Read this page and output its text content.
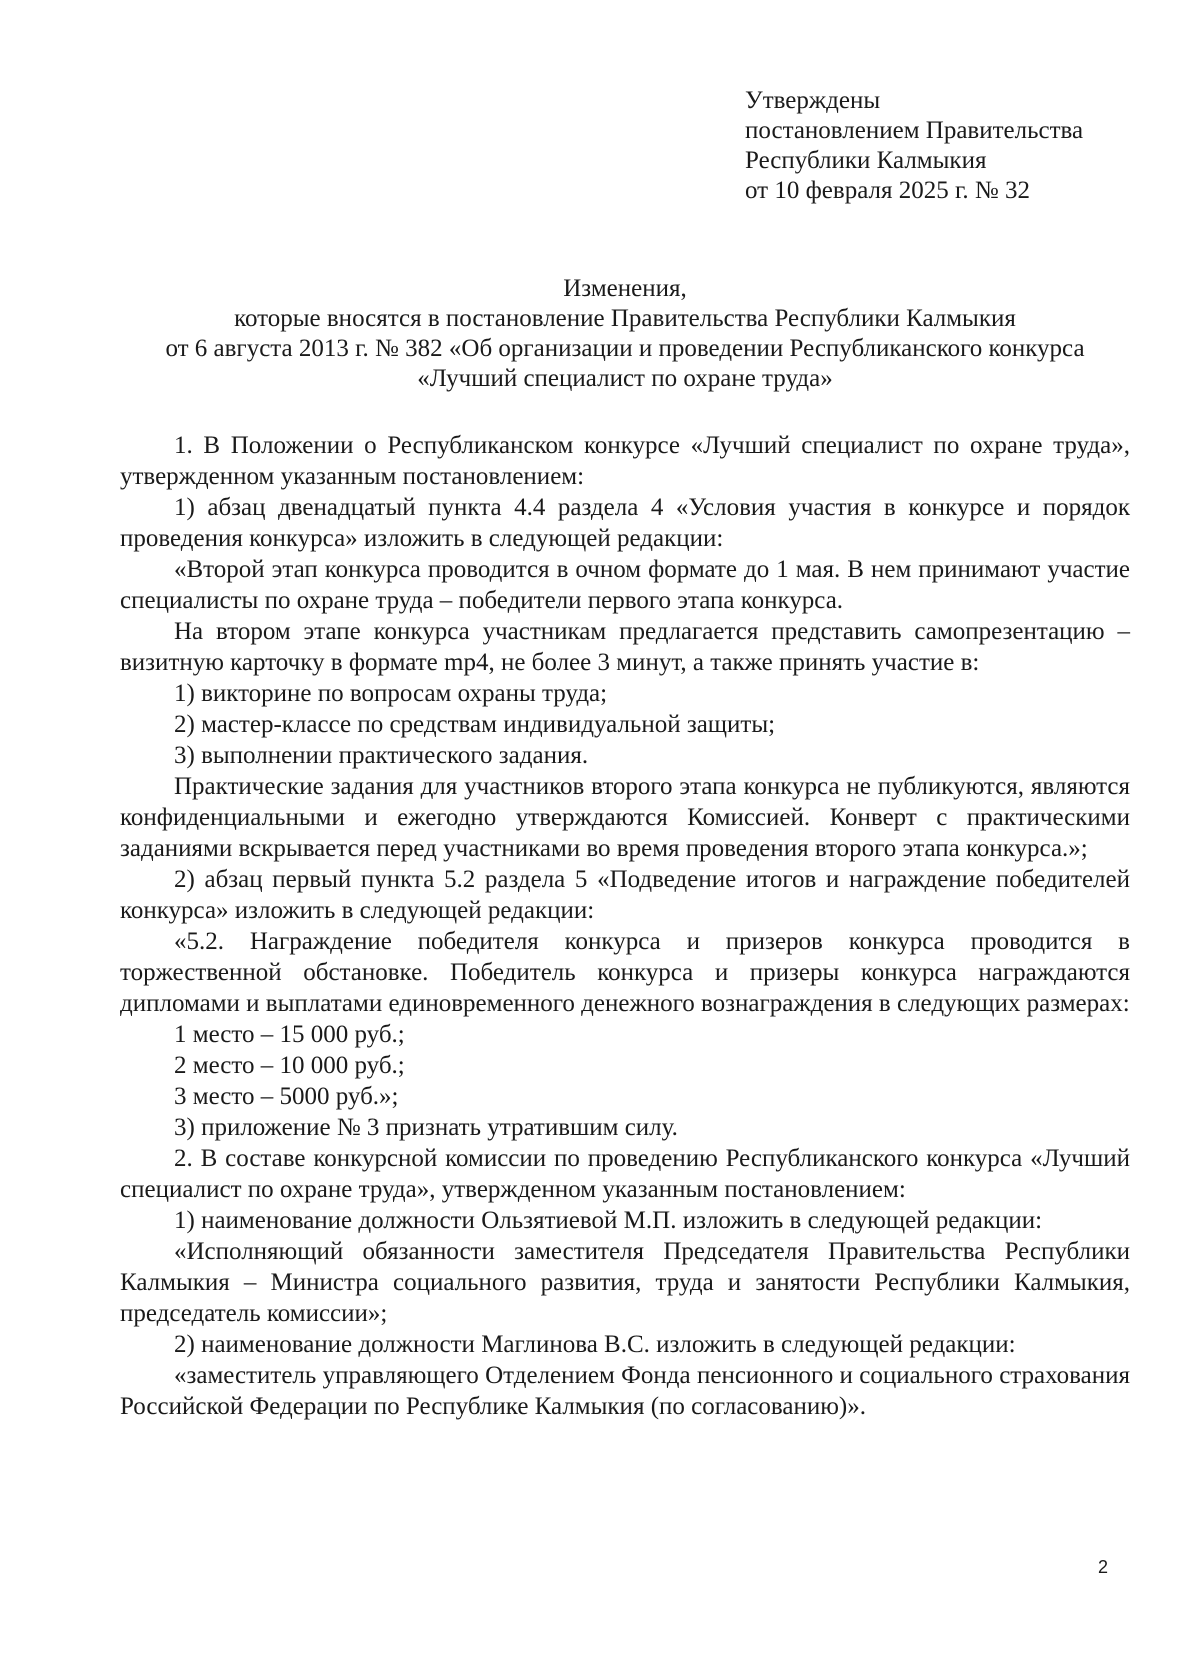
Утверждены
постановлением Правительства
Республики Калмыкия
от 10 февраля 2025 г. № 32
Изменения,
которые вносятся в постановление Правительства Республики Калмыкия
от 6 августа 2013 г. № 382 «Об организации и проведении Республиканского конкурса
«Лучший специалист по охране труда»

1. В Положении о Республиканском конкурсе «Лучший специалист по охране труда», утвержденном указанным постановлением:

1) абзац двенадцатый пункта 4.4 раздела 4 «Условия участия в конкурсе и порядок проведения конкурса» изложить в следующей редакции:

«Второй этап конкурса проводится в очном формате до 1 мая. В нем принимают участие специалисты по охране труда – победители первого этапа конкурса.

На втором этапе конкурса участникам предлагается представить самопрезентацию – визитную карточку в формате mp4, не более 3 минут, а также принять участие в:

1) викторине по вопросам охраны труда;

2) мастер-классе по средствам индивидуальной защиты;

3) выполнении практического задания.

Практические задания для участников второго этапа конкурса не публикуются, являются конфиденциальными и ежегодно утверждаются Комиссией. Конверт с практическими заданиями вскрывается перед участниками во время проведения второго этапа конкурса.»;

2) абзац первый пункта 5.2 раздела 5 «Подведение итогов и награждение победителей конкурса» изложить в следующей редакции:

«5.2. Награждение победителя конкурса и призеров конкурса проводится в торжественной обстановке. Победитель конкурса и призеры конкурса награждаются дипломами и выплатами единовременного денежного вознаграждения в следующих размерах:

1 место – 15 000 руб.;

2 место – 10 000 руб.;

3 место – 5000 руб.»;

3) приложение № 3 признать утратившим силу.

2. В составе конкурсной комиссии по проведению Республиканского конкурса «Лучший специалист по охране труда», утвержденном указанным постановлением:

1) наименование должности Ользятиевой М.П. изложить в следующей редакции:

«Исполняющий обязанности заместителя Председателя Правительства Республики Калмыкия – Министра социального развития, труда и занятости Республики Калмыкия, председатель комиссии»;

2) наименование должности Маглинова В.С. изложить в следующей редакции:

«заместитель управляющего Отделением Фонда пенсионного и социального страхования Российской Федерации по Республике Калмыкия (по согласованию)».

2
